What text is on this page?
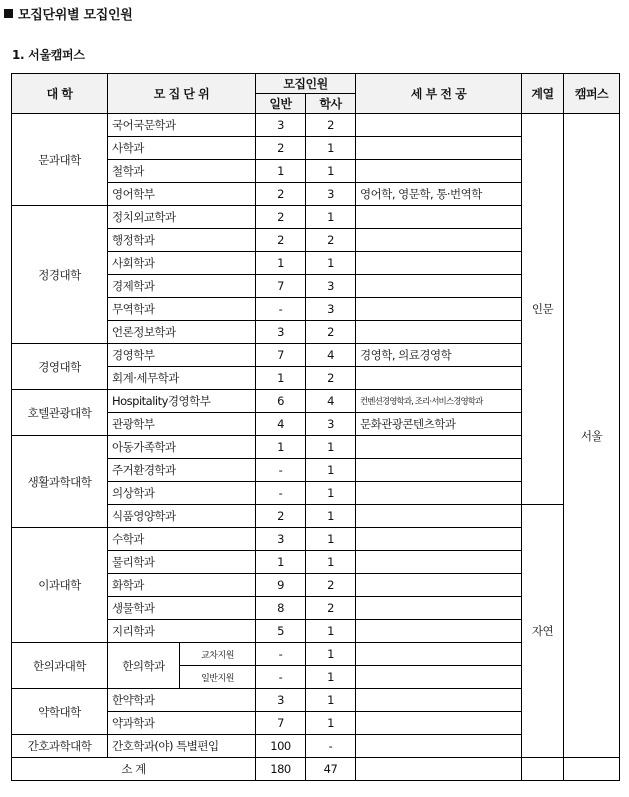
모집단위별 모집인원
1. 서울캠퍼스
대 학	모 집 단 위		모집인원		세 부 전 공	계열	캠퍼스
			일반	학사			
문과대학	국어국문학과		3	2		인문	서울
	사학과		2	1			
	철학과		1	1			
	영어학부		2	3	영어학, 영문학, 통·번역학		
정경대학	정치외교학과		2	1			
	행정학과		2	2			
	사회학과		1	1			
	경제학과		7	3			
	무역학과		-	3			
	언론정보학과		3	2			
경영대학	경영학부		7	4	경영학, 의료경영학		
	회계·세무학과		1	2			
호텔관광대학	Hospitality경영학부		6	4	컨벤션경영학과, 조리·서비스경영학과		
	관광학부		4	3	문화관광콘텐츠학과		
생활과학대학	아동가족학과		1	1			
	주거환경학과		-	1			
	의상학과		-	1			
	식품영양학과		2	1		자연	
이과대학	수학과		3	1			
	물리학과		1	1			
	화학과		9	2			
	생물학과		8	2			
	지리학과		5	1			
한의과대학	한의학과	교차지원	-	1			
		일반지원	-	1			
약학대학	한약학과		3	1			
	약과학과		7	1			
간호과학대학	간호학과(야) 특별편입		100	-			
소 계			180	47			
